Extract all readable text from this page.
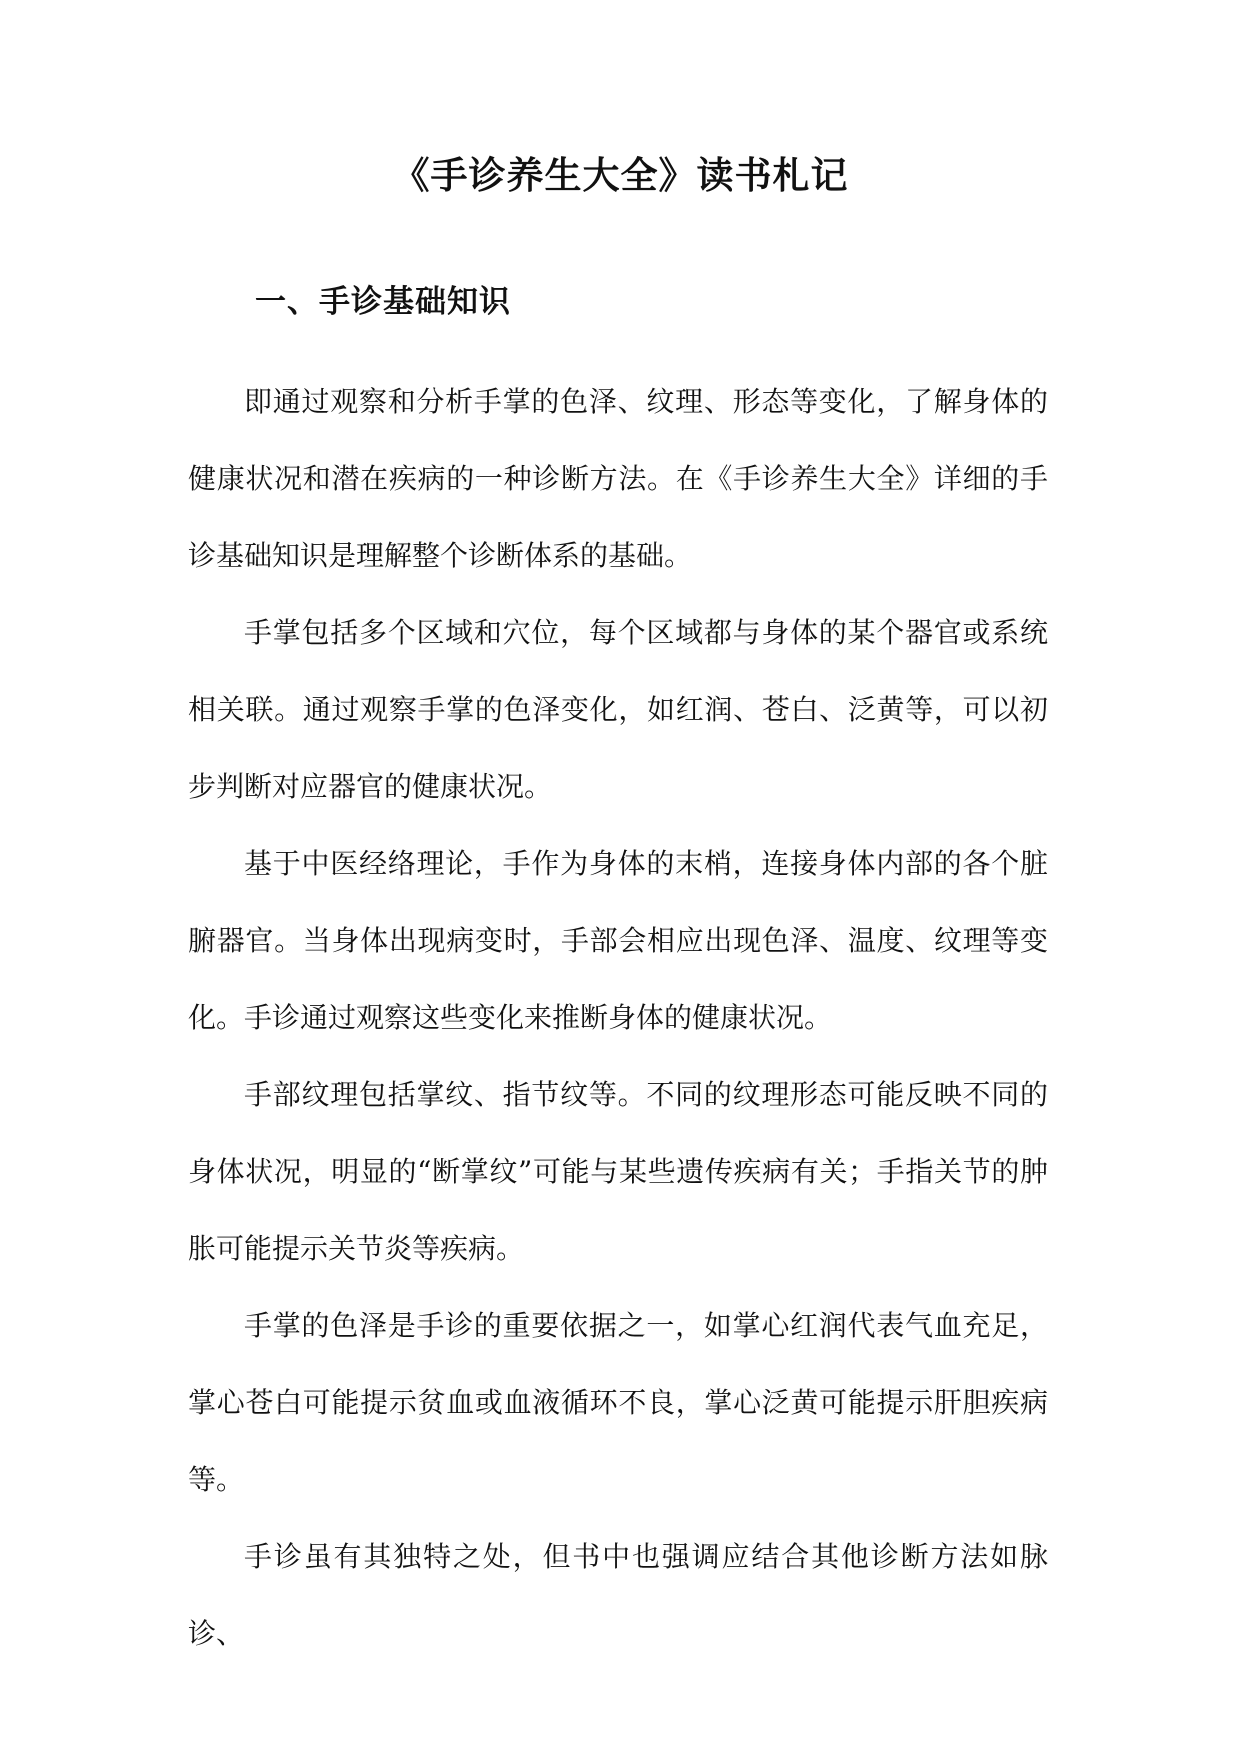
《手诊养生大全》读书札记
一、手诊基础知识

即通过观察和分析手掌的色泽、纹理、形态等变化，了解身体的健康状况和潜在疾病的一种诊断方法。在《手诊养生大全》详细的手诊基础知识是理解整个诊断体系的基础。

手掌包括多个区域和穴位，每个区域都与身体的某个器官或系统相关联。通过观察手掌的色泽变化，如红润、苍白、泛黄等，可以初步判断对应器官的健康状况。

基于中医经络理论，手作为身体的末梢，连接身体内部的各个脏腑器官。当身体出现病变时，手部会相应出现色泽、温度、纹理等变化。手诊通过观察这些变化来推断身体的健康状况。

手部纹理包括掌纹、指节纹等。不同的纹理形态可能反映不同的身体状况，明显的“断掌纹”可能与某些遗传疾病有关；手指关节的肿胀可能提示关节炎等疾病。

手掌的色泽是手诊的重要依据之一，如掌心红润代表气血充足，掌心苍白可能提示贫血或血液循环不良，掌心泛黄可能提示肝胆疾病等。

手诊虽有其独特之处，但书中也强调应结合其他诊断方法如脉诊、
